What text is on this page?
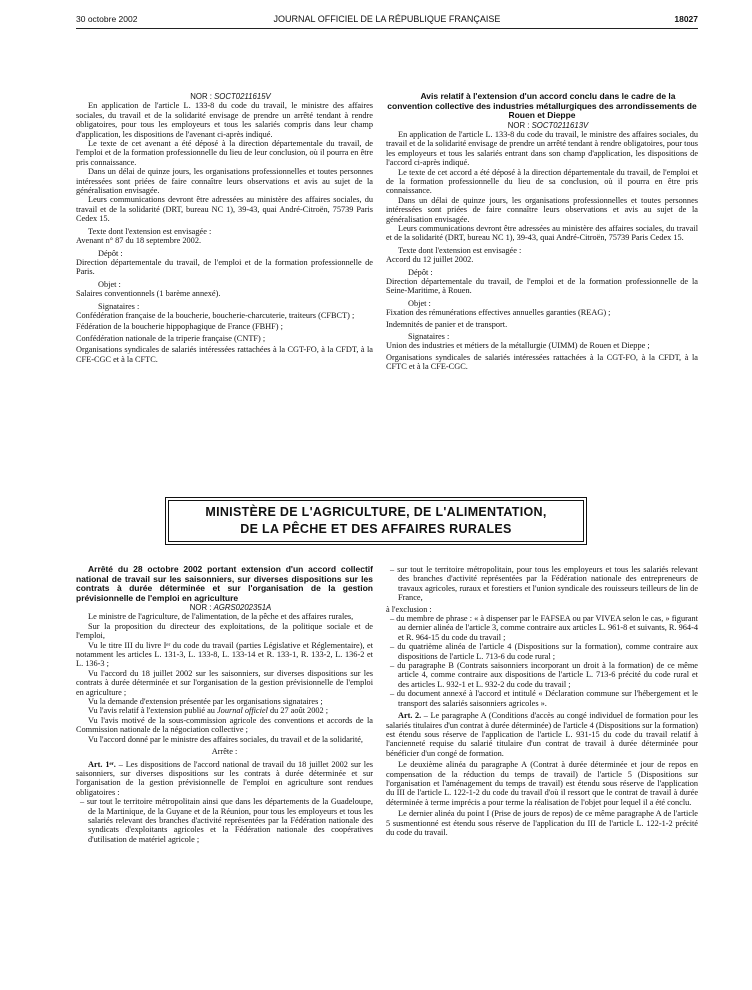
30 octobre 2002	JOURNAL OFFICIEL DE LA RÉPUBLIQUE FRANÇAISE	18027

NOR : SOCT0211615V

En application de l'article L. 133-8 du code du travail, le ministre des affaires sociales, du travail et de la solidarité envisage de prendre un arrêté tendant à rendre obligatoires, pour tous les employeurs et tous les salariés compris dans leur champ d'application, les dispositions de l'avenant ci-après indiqué.

Le texte de cet avenant a été déposé à la direction départementale du travail, de l'emploi et de la formation professionnelle du lieu de leur conclusion, où il pourra en être pris connaissance.

Dans un délai de quinze jours, les organisations professionnelles et toutes personnes intéressées sont priées de faire connaître leurs observations et avis au sujet de la généralisation envisagée.

Leurs communications devront être adressées au ministère des affaires sociales, du travail et de la solidarité (DRT, bureau NC 1), 39-43, quai André-Citroën, 75739 Paris Cedex 15.

Texte dont l'extension est envisagée :

Avenant n° 87 du 18 septembre 2002.

Dépôt :

Direction départementale du travail, de l'emploi et de la formation professionnelle de Paris.

Objet :

Salaires conventionnels (1 barème annexé).

Signataires :

Confédération française de la boucherie, boucherie-charcuterie, traiteurs (CFBCT) ;

Fédération de la boucherie hippophagique de France (FBHF) ;

Confédération nationale de la triperie française (CNTF) ;

Organisations syndicales de salariés intéressées rattachées à la CGT-FO, à la CFDT, à la CFE-CGC et à la CFTC.

Avis relatif à l'extension d'un accord conclu dans le cadre de la convention collective des industries métallurgiques des arrondissements de Rouen et Dieppe

NOR : SOCT0211613V

En application de l'article L. 133-8 du code du travail, le ministre des affaires sociales, du travail et de la solidarité envisage de prendre un arrêté tendant à rendre obligatoires, pour tous les employeurs et tous les salariés entrant dans son champ d'application, les dispositions de l'accord ci-après indiqué.

Le texte de cet accord a été déposé à la direction départementale du travail, de l'emploi et de la formation professionnelle du lieu de sa conclusion, où il pourra en être pris connaissance.

Dans un délai de quinze jours, les organisations professionnelles et toutes personnes intéressées sont priées de faire connaître leurs observations et avis au sujet de la généralisation envisagée.

Leurs communications devront être adressées au ministère des affaires sociales, du travail et de la solidarité (DRT, bureau NC 1), 39-43, quai André-Citroën, 75739 Paris Cedex 15.

Texte dont l'extension est envisagée :

Accord du 12 juillet 2002.

Dépôt :

Direction départementale du travail, de l'emploi et de la formation professionnelle de la Seine-Maritime, à Rouen.

Objet :

Fixation des rémunérations effectives annuelles garanties (REAG) ;

Indemnités de panier et de transport.

Signataires :

Union des industries et métiers de la métallurgie (UIMM) de Rouen et Dieppe ;

Organisations syndicales de salariés intéressées rattachées à la CGT-FO, à la CFDT, à la CFTC et à la CFE-CGC.

MINISTÈRE DE L'AGRICULTURE, DE L'ALIMENTATION,
DE LA PÊCHE ET DES AFFAIRES RURALES

Arrêté du 28 octobre 2002 portant extension d'un accord collectif national de travail sur les saisonniers, sur diverses dispositions sur les contrats à durée déterminée et sur l'organisation de la gestion prévisionnelle de l'emploi en agriculture

NOR : AGRS0202351A

Le ministre de l'agriculture, de l'alimentation, de la pêche et des affaires rurales,

Sur la proposition du directeur des exploitations, de la politique sociale et de l'emploi,

Vu le titre III du livre Iᵉʳ du code du travail (parties Législative et Réglementaire), et notamment les articles L. 131-3, L. 133-8, L. 133-14 et R. 133-1, R. 133-2, L. 136-2 et L. 136-3 ;

Vu l'accord du 18 juillet 2002 sur les saisonniers, sur diverses dispositions sur les contrats à durée déterminée et sur l'organisation de la gestion prévisionnelle de l'emploi en agriculture ;

Vu la demande d'extension présentée par les organisations signataires ;

Vu l'avis relatif à l'extension publié au Journal officiel du 27 août 2002 ;

Vu l'avis motivé de la sous-commission agricole des conventions et accords de la Commission nationale de la négociation collective ;

Vu l'accord donné par le ministre des affaires sociales, du travail et de la solidarité,

Arrête :

Art. 1ᵉʳ. – Les dispositions de l'accord national de travail du 18 juillet 2002 sur les saisonniers, sur diverses dispositions sur les contrats à durée déterminée et sur l'organisation de la gestion prévisionnelle de l'emploi en agriculture sont rendues obligatoires :

– sur tout le territoire métropolitain ainsi que dans les départements de la Guadeloupe, de la Martinique, de la Guyane et de la Réunion, pour tous les employeurs et tous les salariés relevant des branches d'activité représentées par la Fédération nationale des syndicats d'exploitants agricoles et la Fédération nationale des coopératives d'utilisation de matériel agricole ;
– sur tout le territoire métropolitain, pour tous les employeurs et tous les salariés relevant des branches d'activité représentées par la Fédération nationale des entrepreneurs de travaux agricoles, ruraux et forestiers et l'union syndicale des rouisseurs teilleurs de lin de France,

à l'exclusion :

– du membre de phrase : « à dispenser par le FAFSEA ou par VIVEA selon le cas, » figurant au dernier alinéa de l'article 3, comme contraire aux articles L. 961-8 et suivants, R. 964-4 et R. 964-15 du code du travail ;
– du quatrième alinéa de l'article 4 (Dispositions sur la formation), comme contraire aux dispositions de l'article L. 713-6 du code rural ;
– du paragraphe B (Contrats saisonniers incorporant un droit à la formation) de ce même article 4, comme contraire aux dispositions de l'article L. 713-6 précité du code rural et des articles L. 932-1 et L. 932-2 du code du travail ;
– du document annexé à l'accord et intitulé « Déclaration commune sur l'hébergement et le transport des salariés saisonniers agricoles ».

Art. 2. – Le paragraphe A (Conditions d'accès au congé individuel de formation pour les salariés titulaires d'un contrat à durée déterminée) de l'article 4 (Dispositions sur la formation) est étendu sous réserve de l'application de l'article L. 931-15 du code du travail relatif à l'ancienneté requise du salarié titulaire d'un contrat de travail à durée déterminée pour bénéficier d'un congé de formation.

Le deuxième alinéa du paragraphe A (Contrat à durée déterminée et jour de repos en compensation de la réduction du temps de travail) de l'article 5 (Dispositions sur l'organisation et l'aménagement du temps de travail) est étendu sous réserve de l'application du III de l'article L. 122-1-2 du code du travail d'où il ressort que le contrat de travail à durée déterminée à terme imprécis a pour terme la réalisation de l'objet pour lequel il a été conclu.

Le dernier alinéa du point I (Prise de jours de repos) de ce même paragraphe A de l'article 5 susmentionné est étendu sous réserve de l'application du III de l'article L. 122-1-2 précité du code du travail.
